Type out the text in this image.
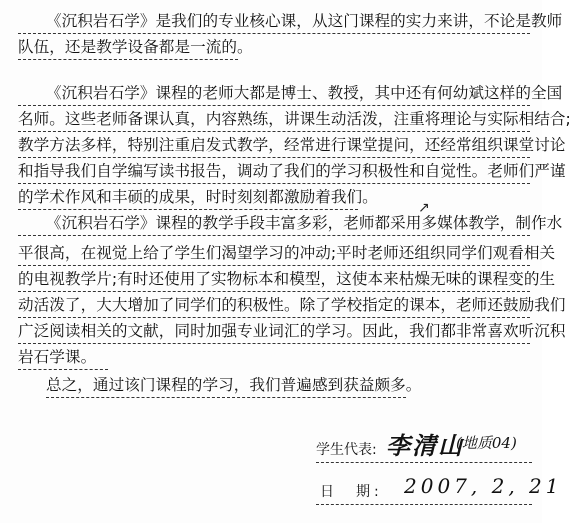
《沉积岩石学》是我们的专业核心课，从这门课程的实力来讲，不论是教师
队伍，还是教学设备都是一流的。
《沉积岩石学》课程的老师大都是博士、教授，其中还有何幼斌这样的全国
名师。这些老师备课认真，内容熟练，讲课生动活泼，注重将理论与实际相结合;
教学方法多样，特别注重启发式教学，经常进行课堂提问，还经常组织课堂讨论
和指导我们自学编写读书报告，调动了我们的学习积极性和自觉性。老师们严谨
的学术作风和丰硕的成果，时时刻刻都激励着我们。
《沉积岩石学》课程的教学手段丰富多彩，老师都采用多媒体教学，制作水
平很高，在视觉上给了学生们渴望学习的冲动;平时老师还组织同学们观看相关
的电视教学片;有时还使用了实物标本和模型，这使本来枯燥无味的课程变的生
动活泼了，大大增加了同学们的积极性。除了学校指定的课本，老师还鼓励我们
广泛阅读相关的文献，同时加强专业词汇的学习。因此，我们都非常喜欢听沉积
岩石学课。
总之，通过该门课程的学习，我们普遍感到获益颇多。
↗
学生代表: 李清山
(地质04)
日　期: 2007, 2, 21
